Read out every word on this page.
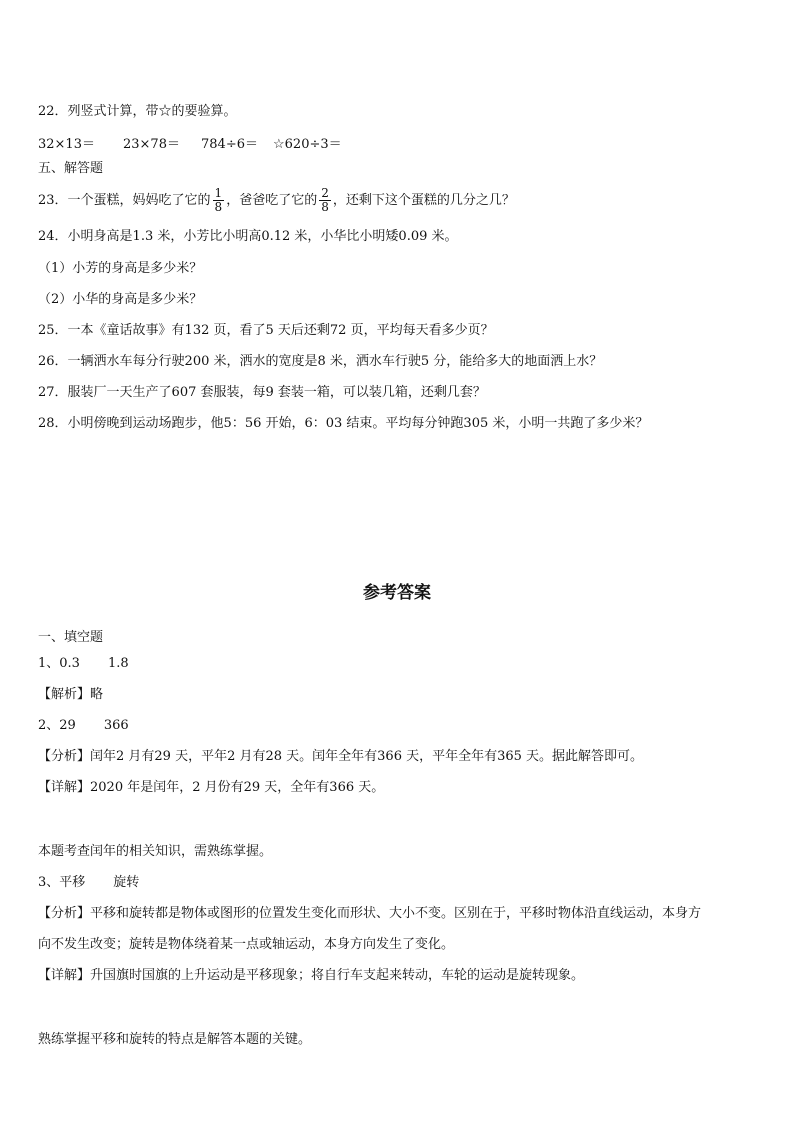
22．列竖式计算，带☆的要验算。
32×13＝ 23×78＝ 784÷6＝ ☆620÷3＝
五、解答题
23．一个蛋糕，妈妈吃了它的 $\frac{1}{8}$ ，爸爸吃了它的 $\frac{2}{8}$ ，还剩下这个蛋糕的几分之几？
24．小明身高是1.3 米，小芳比小明高0.12 米，小华比小明矮0.09 米。
（1）小芳的身高是多少米？
（2）小华的身高是多少米？
25．一本《童话故事》有132 页，看了5 天后还剩72 页，平均每天看多少页？
26．一辆洒水车每分行驶200 米，洒水的宽度是8 米，洒水车行驶5 分，能给多大的地面洒上水？
27．服装厂一天生产了607 套服装，每9 套装一箱，可以装几箱，还剩几套？
28．小明傍晚到运动场跑步，他5：56 开始，6：03 结束。平均每分钟跑305 米，小明一共跑了多少米？
参考答案
一、填空题
1、0.3 1.8
【解析】略
2、29 366
【分析】闰年2 月有29 天，平年2 月有28 天。闰年全年有366 天，平年全年有365 天。据此解答即可。
【详解】2020 年是闰年，2 月份有29 天，全年有366 天。
本题考查闰年的相关知识，需熟练掌握。
3、平移 旋转
【分析】平移和旋转都是物体或图形的位置发生变化而形状、大小不变。区别在于，平移时物体沿直线运动，本身方
向不发生改变；旋转是物体绕着某一点或轴运动，本身方向发生了变化。
【详解】升国旗时国旗的上升运动是平移现象；将自行车支起来转动，车轮的运动是旋转现象。
熟练掌握平移和旋转的特点是解答本题的关键。
